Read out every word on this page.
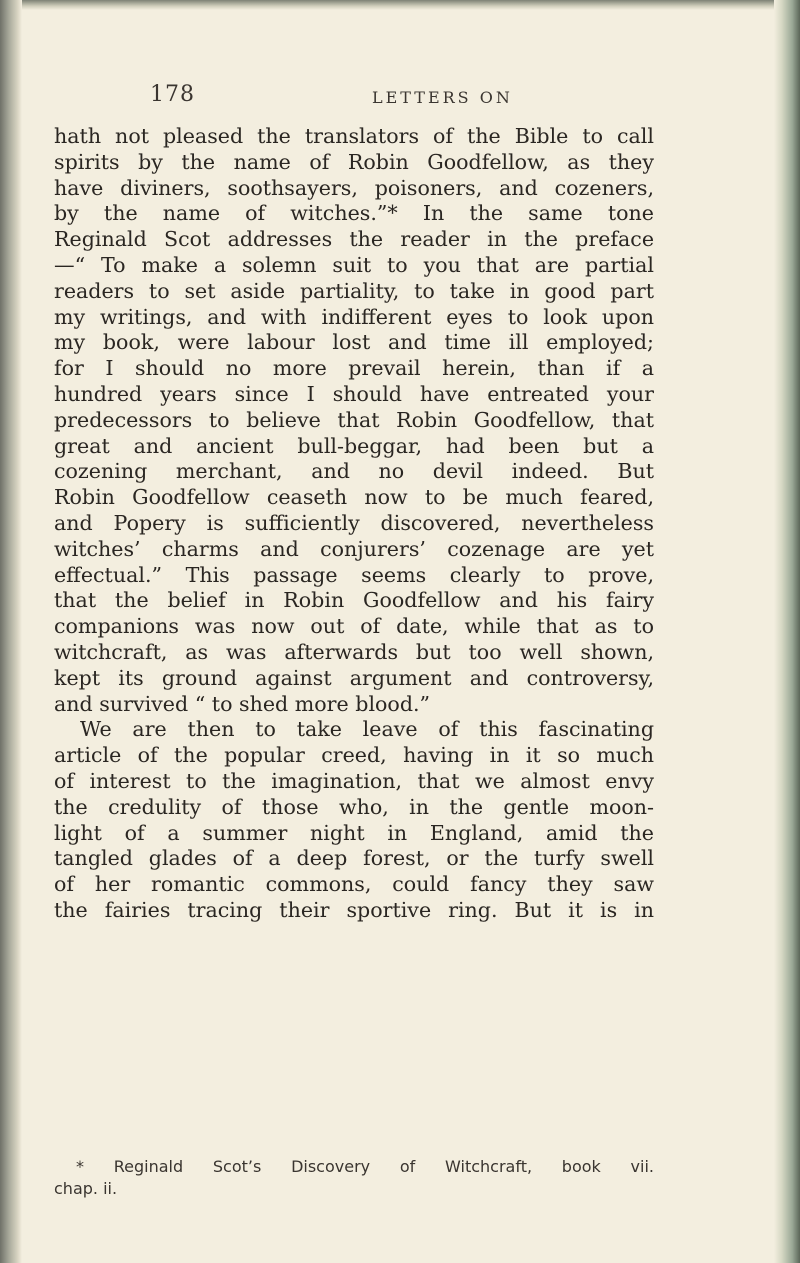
178	LETTERS ON
hath not pleased the translators of the Bible to call
spirits by the name of Robin Goodfellow, as they
have diviners, soothsayers, poisoners, and cozeners,
by the name of witches.”* In the same tone
Reginald Scot addresses the reader in the preface
—“ To make a solemn suit to you that are partial
readers to set aside partiality, to take in good part
my writings, and with indifferent eyes to look upon
my book, were labour lost and time ill employed;
for I should no more prevail herein, than if a
hundred years since I should have entreated your
predecessors to believe that Robin Goodfellow, that
great and ancient bull-beggar, had been but a
cozening merchant, and no devil indeed. But
Robin Goodfellow ceaseth now to be much feared,
and Popery is sufficiently discovered, nevertheless
witches’ charms and conjurers’ cozenage are yet
effectual.” This passage seems clearly to prove,
that the belief in Robin Goodfellow and his fairy
companions was now out of date, while that as to
witchcraft, as was afterwards but too well shown,
kept its ground against argument and controversy,
and survived “ to shed more blood.”
We are then to take leave of this fascinating
article of the popular creed, having in it so much
of interest to the imagination, that we almost envy
the credulity of those who, in the gentle moon-
light of a summer night in England, amid the
tangled glades of a deep forest, or the turfy swell
of her romantic commons, could fancy they saw
the fairies tracing their sportive ring. But it is in
* Reginald Scot’s Discovery of Witchcraft, book vii.
chap. ii.
